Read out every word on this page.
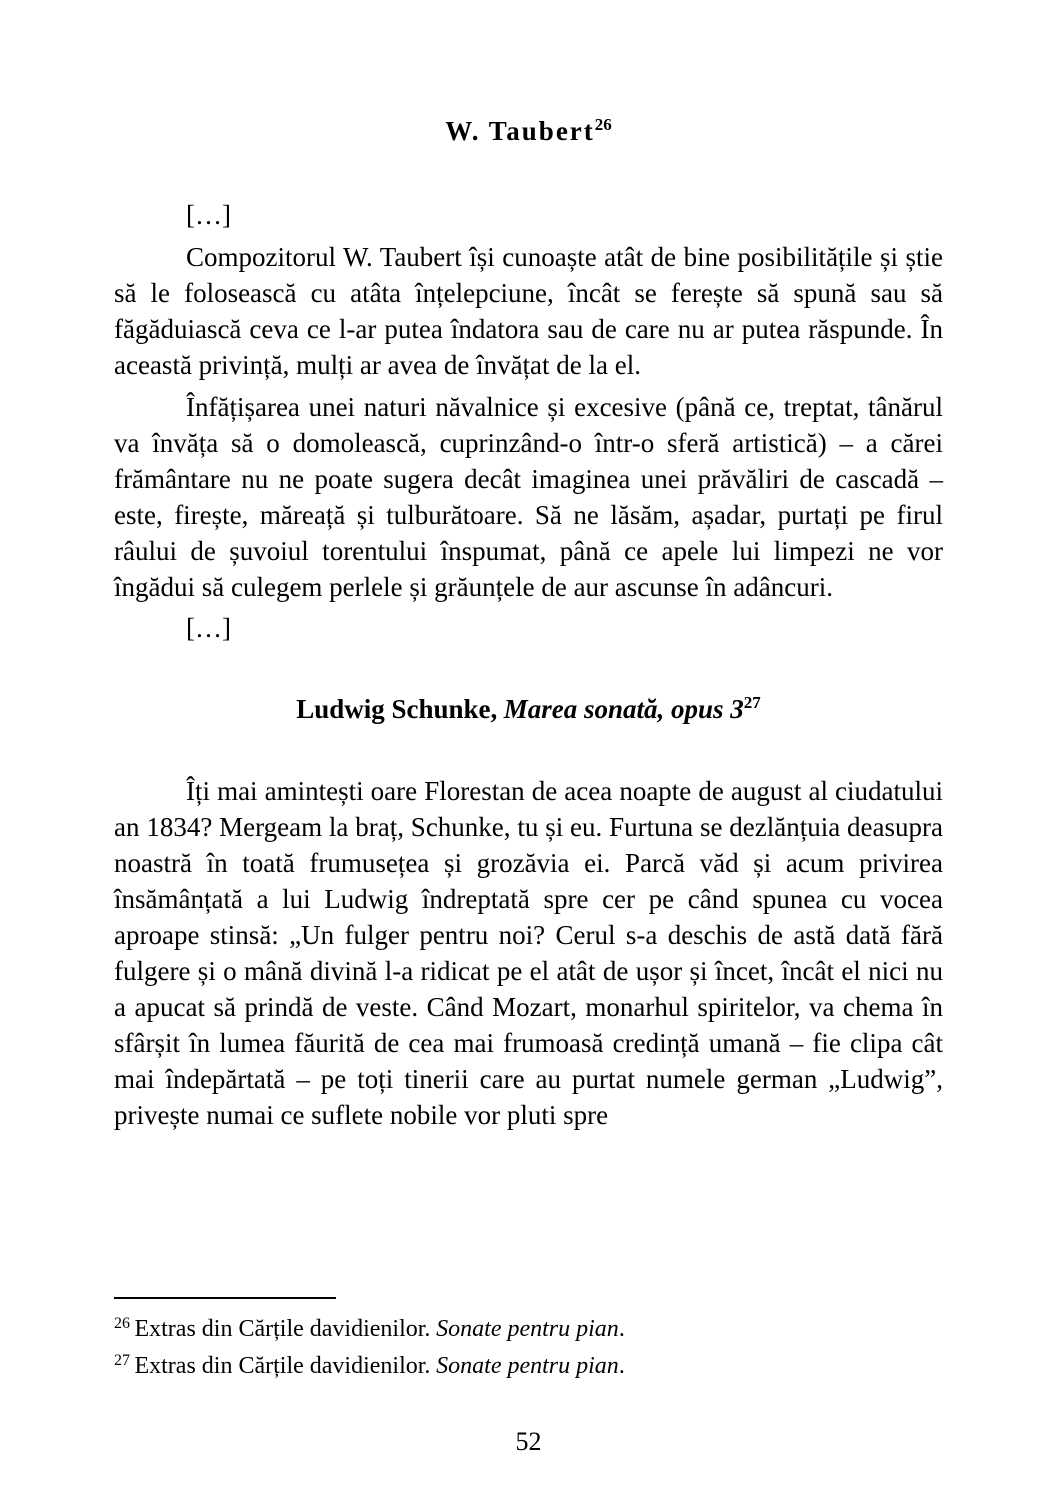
W. Taubert$^{26}$

[…]

Compozitorul W. Taubert își cunoaște atât de bine posibilitățile și știe să le folosească cu atâta înțelepciune, încât se ferește să spună sau să făgăduiască ceva ce l-ar putea îndatora sau de care nu ar putea răspunde. În această privință, mulți ar avea de învățat de la el.

Înfățișarea unei naturi năvalnice și excesive (până ce, treptat, tânărul va învăța să o domolească, cuprinzând-o într-o sferă artistică) – a cărei frământare nu ne poate sugera decât imaginea unei prăvăliri de cascadă – este, firește, măreață și tulburătoare. Să ne lăsăm, așadar, purtați pe firul râului de șuvoiul torentului înspumat, până ce apele lui limpezi ne vor îngădui să culegem perlele și grăunțele de aur ascunse în adâncuri.

[…]

Ludwig Schunke, Marea sonată, opus 3$^{27}$

Îți mai amintești oare Florestan de acea noapte de august al ciudatului an 1834? Mergeam la braț, Schunke, tu și eu. Furtuna se dezlănțuia deasupra noastră în toată frumusețea și grozăvia ei. Parcă văd și acum privirea însămânțată a lui Ludwig îndreptată spre cer pe când spunea cu vocea aproape stinsă: „Un fulger pentru noi? Cerul s-a deschis de astă dată fără fulgere și o mână divină l-a ridicat pe el atât de ușor și încet, încât el nici nu a apucat să prindă de veste. Când Mozart, monarhul spiritelor, va chema în sfârșit în lumea făurită de cea mai frumoasă credință umană – fie clipa cât mai îndepărtată – pe toți tinerii care au purtat numele german „Ludwig”, privește numai ce suflete nobile vor pluti spre

$^{26}$ Extras din Cărțile davidienilor. Sonate pentru pian.

$^{27}$ Extras din Cărțile davidienilor. Sonate pentru pian.

52
